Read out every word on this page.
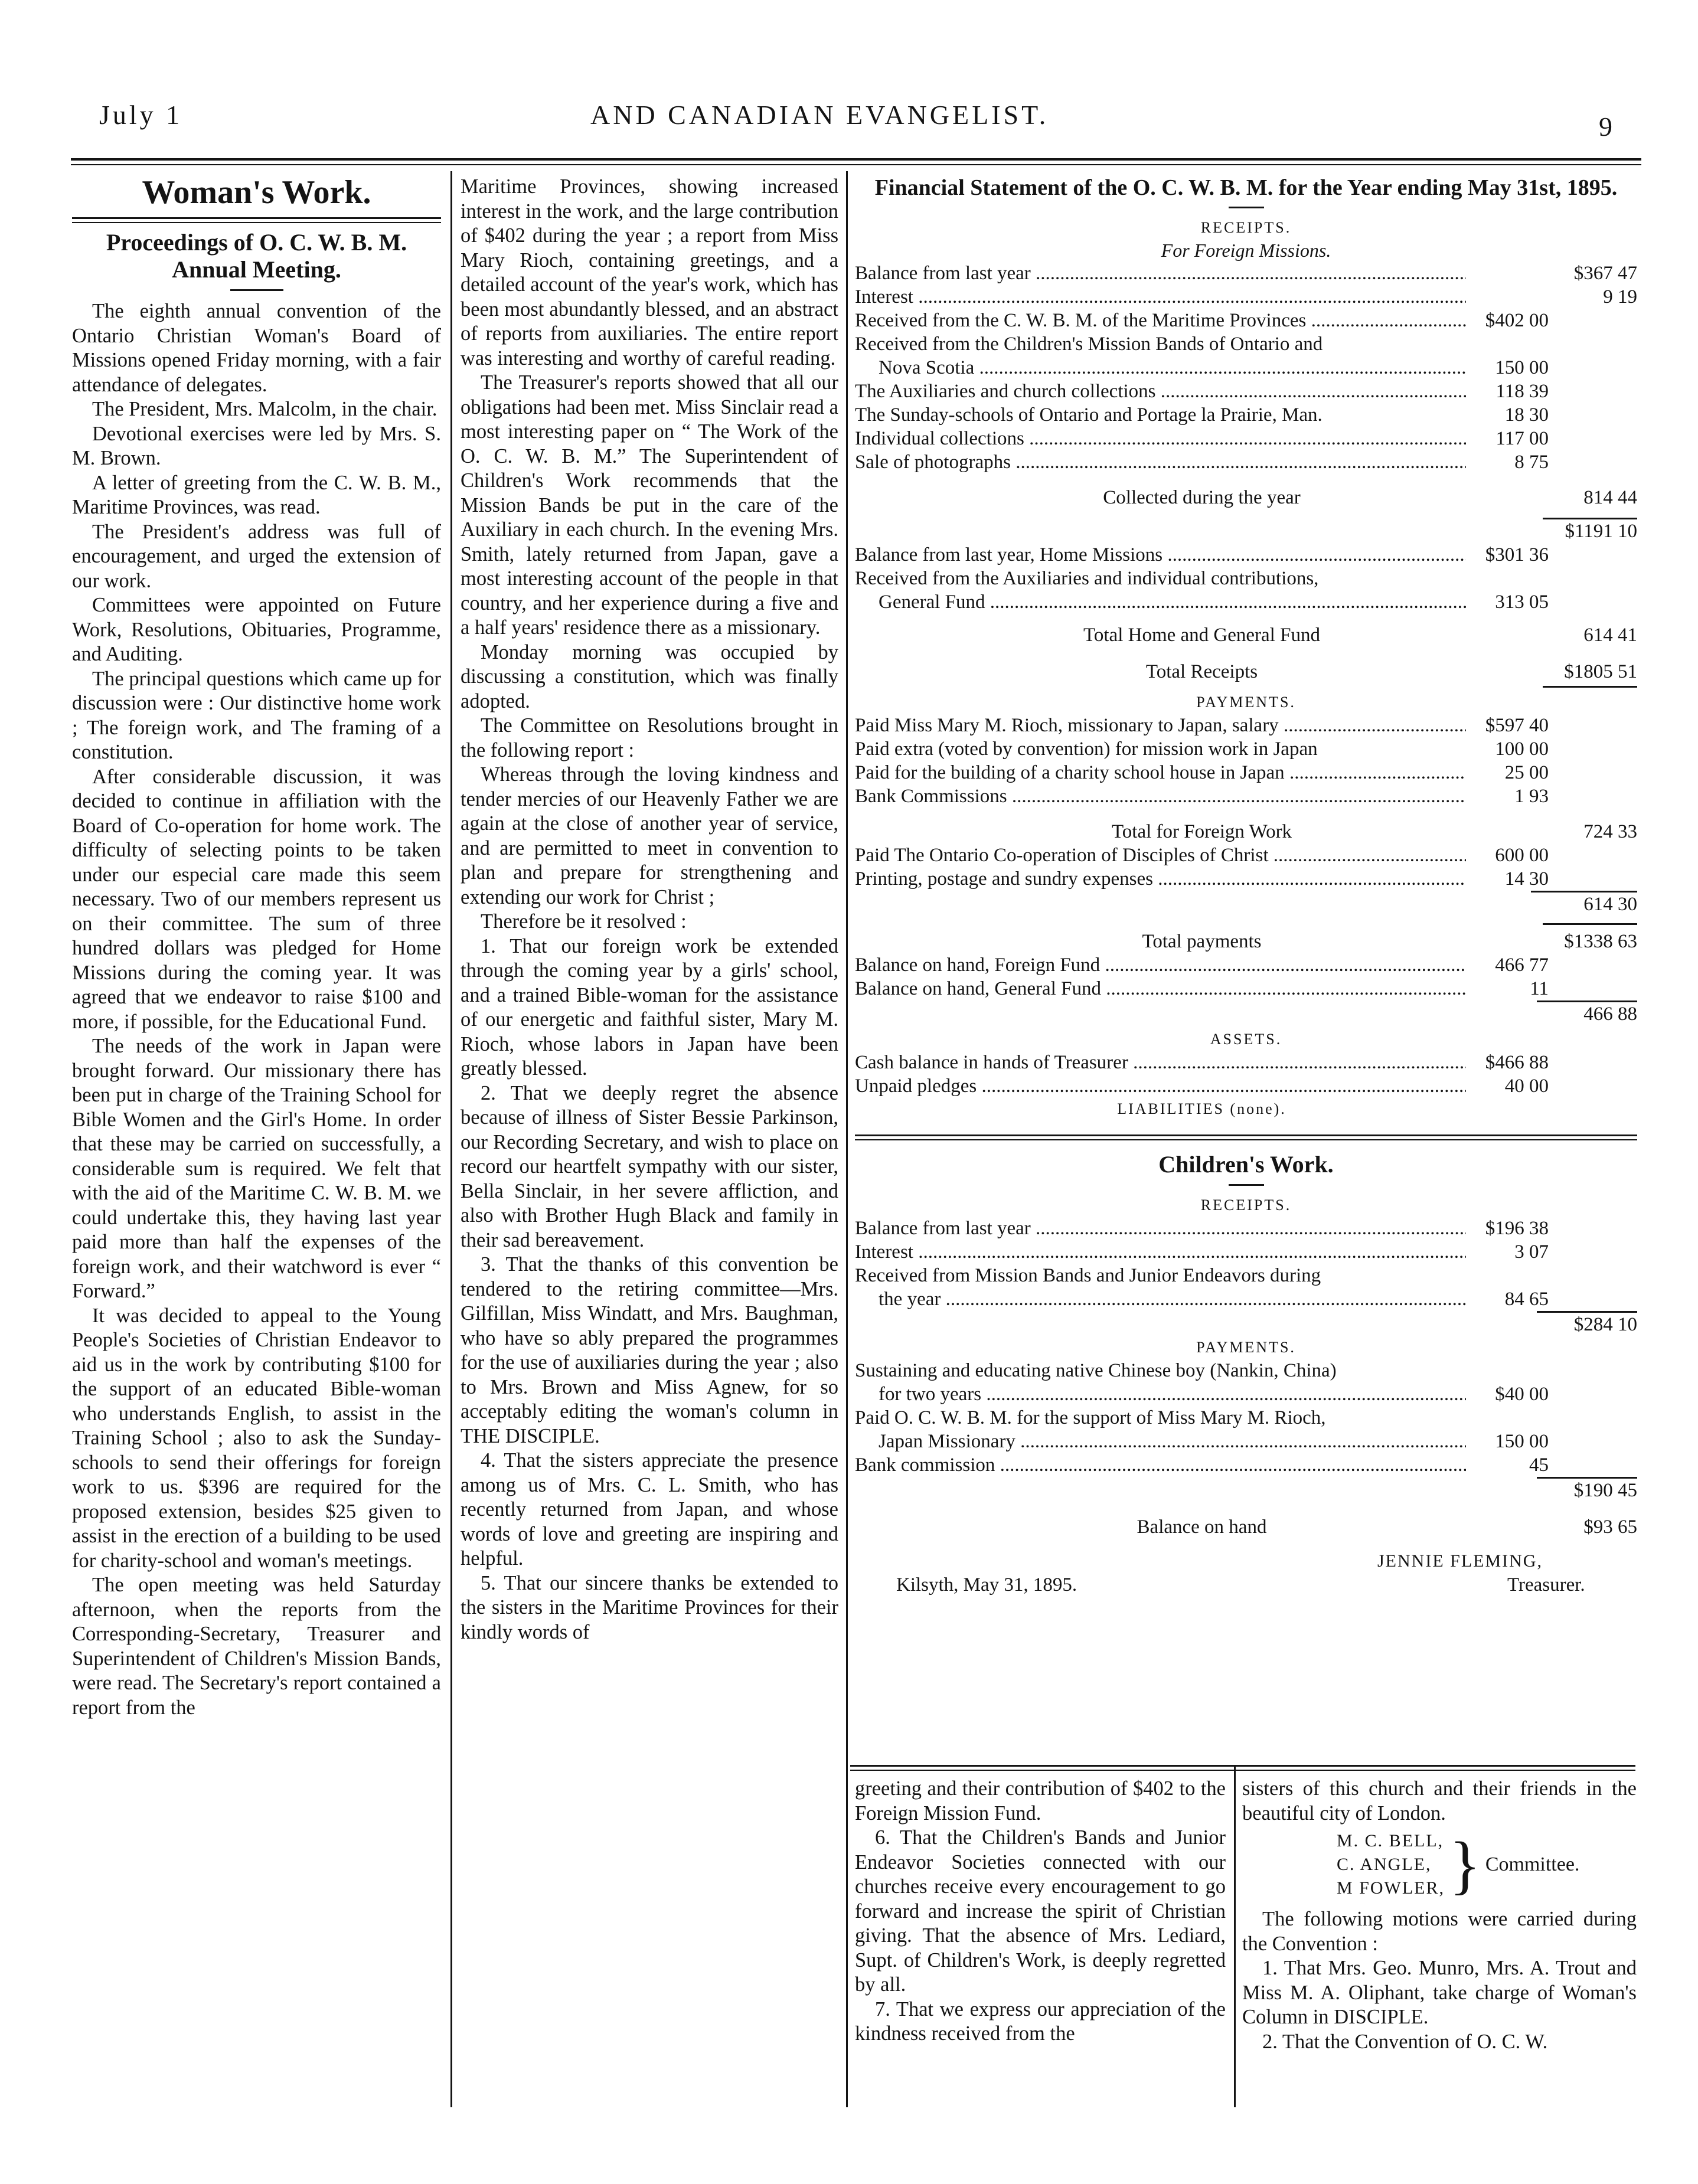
July 1	AND CANADIAN EVANGELIST.	9
Woman's Work.
Proceedings of O. C. W. B. M. Annual Meeting.

The eighth annual convention of the Ontario Christian Woman's Board of Missions opened Friday morning, with a fair attendance of delegates.

The President, Mrs. Malcolm, in the chair.

Devotional exercises were led by Mrs. S. M. Brown.

A letter of greeting from the C. W. B. M., Maritime Provinces, was read.

The President's address was full of encouragement, and urged the extension of our work.

Committees were appointed on Future Work, Resolutions, Obituaries, Programme, and Auditing.

The principal questions which came up for discussion were : Our distinctive home work ; The foreign work, and The framing of a constitution.

After considerable discussion, it was decided to continue in affiliation with the Board of Co-operation for home work. The difficulty of selecting points to be taken under our especial care made this seem necessary. Two of our members represent us on their committee. The sum of three hundred dollars was pledged for Home Missions during the coming year. It was agreed that we endeavor to raise $100 and more, if possible, for the Educational Fund.

The needs of the work in Japan were brought forward. Our missionary there has been put in charge of the Training School for Bible Women and the Girl's Home. In order that these may be carried on successfully, a considerable sum is required. We felt that with the aid of the Maritime C. W. B. M. we could undertake this, they having last year paid more than half the expenses of the foreign work, and their watchword is ever “ Forward.”

It was decided to appeal to the Young People's Societies of Christian Endeavor to aid us in the work by contributing $100 for the support of an educated Bible-woman who understands English, to assist in the Training School ; also to ask the Sunday-schools to send their offerings for foreign work to us. $396 are required for the proposed extension, besides $25 given to assist in the erection of a building to be used for charity-school and woman's meetings.

The open meeting was held Saturday afternoon, when the reports from the Corresponding-Secretary, Treasurer and Superintendent of Children's Mission Bands, were read. The Secretary's report contained a report from the

Maritime Provinces, showing increased interest in the work, and the large contribution of $402 during the year ; a report from Miss Mary Rioch, containing greetings, and a detailed account of the year's work, which has been most abundantly blessed, and an abstract of reports from auxiliaries. The entire report was interesting and worthy of careful reading.

The Treasurer's reports showed that all our obligations had been met. Miss Sinclair read a most interesting paper on “ The Work of the O. C. W. B. M.” The Superintendent of Children's Work recommends that the Mission Bands be put in the care of the Auxiliary in each church. In the evening Mrs. Smith, lately returned from Japan, gave a most interesting account of the people in that country, and her experience during a five and a half years' residence there as a missionary.

Monday morning was occupied by discussing a constitution, which was finally adopted.

The Committee on Resolutions brought in the following report :

Whereas through the loving kindness and tender mercies of our Heavenly Father we are again at the close of another year of service, and are permitted to meet in convention to plan and prepare for strengthening and extending our work for Christ ;

Therefore be it resolved :

1. That our foreign work be extended through the coming year by a girls' school, and a trained Bible-woman for the assistance of our energetic and faithful sister, Mary M. Rioch, whose labors in Japan have been greatly blessed.

2. That we deeply regret the absence because of illness of Sister Bessie Parkinson, our Recording Secretary, and wish to place on record our heartfelt sympathy with our sister, Bella Sinclair, in her severe affliction, and also with Brother Hugh Black and family in their sad bereavement.

3. That the thanks of this convention be tendered to the retiring committee—Mrs. Gilfillan, Miss Windatt, and Mrs. Baughman, who have so ably prepared the programmes for the use of auxiliaries during the year ; also to Mrs. Brown and Miss Agnew, for so acceptably editing the woman's column in THE DISCIPLE.

4. That the sisters appreciate the presence among us of Mrs. C. L. Smith, who has recently returned from Japan, and whose words of love and greeting are inspiring and helpful.

5. That our sincere thanks be extended to the sisters in the Maritime Provinces for their kindly words of

Financial Statement of the O. C. W. B. M. for the Year ending May 31st, 1895.
RECEIPTS.
For Foreign Missions.
Balance from last year .....	$367 47
Interest .....	9 19
Received from the C. W. B. M. of the Maritime Provinces .....	$402 00
Received from the Children's Mission Bands of Ontario and
Nova Scotia .....	150 00
The Auxiliaries and church collections .....	118 39
The Sunday-schools of Ontario and Portage la Prairie, Man.	18 30
Individual collections .....	117 00
Sale of photographs .....	8 75
Collected during the year	814 44
$1191 10
Balance from last year, Home Missions .....	$301 36
Received from the Auxiliaries and individual contributions,
General Fund .....	313 05
Total Home and General Fund	614 41
Total Receipts	$1805 51
PAYMENTS.
Paid Miss Mary M. Rioch, missionary to Japan, salary .....	$597 40
Paid extra (voted by convention) for mission work in Japan	100 00
Paid for the building of a charity school house in Japan .....	25 00
Bank Commissions .....	1 93
Total for Foreign Work	724 33
Paid The Ontario Co-operation of Disciples of Christ .....	600 00
Printing, postage and sundry expenses .....	14 30
614 30
Total payments	$1338 63
Balance on hand, Foreign Fund .....	466 77
Balance on hand, General Fund .....	11
466 88
ASSETS.
Cash balance in hands of Treasurer .....	$466 88
Unpaid pledges .....	40 00
LIABILITIES (none).
Children's Work.
RECEIPTS.
Balance from last year .....	$196 38
Interest .....	3 07
Received from Mission Bands and Junior Endeavors during
the year .....	84 65
$284 10
PAYMENTS.
Sustaining and educating native Chinese boy (Nankin, China)
for two years .....	$40 00
Paid O. C. W. B. M. for the support of Miss Mary M. Rioch,
Japan Missionary .....	150 00
Bank commission .....	45
$190 45
Balance on hand	$93 65
JENNIE FLEMING,
Kilsyth, May 31, 1895.	Treasurer.

greeting and their contribution of $402 to the Foreign Mission Fund.

6. That the Children's Bands and Junior Endeavor Societies connected with our churches receive every encouragement to go forward and increase the spirit of Christian giving. That the absence of Mrs. Lediard, Supt. of Children's Work, is deeply regretted by all.

7. That we express our appreciation of the kindness received from the

sisters of this church and their friends in the beautiful city of London.

M. C. BELL,
C. ANGLE,
M FOWLER, } Committee.

The following motions were carried during the Convention :

1. That Mrs. Geo. Munro, Mrs. A. Trout and Miss M. A. Oliphant, take charge of Woman's Column in DISCIPLE.

2. That the Convention of O. C. W.
